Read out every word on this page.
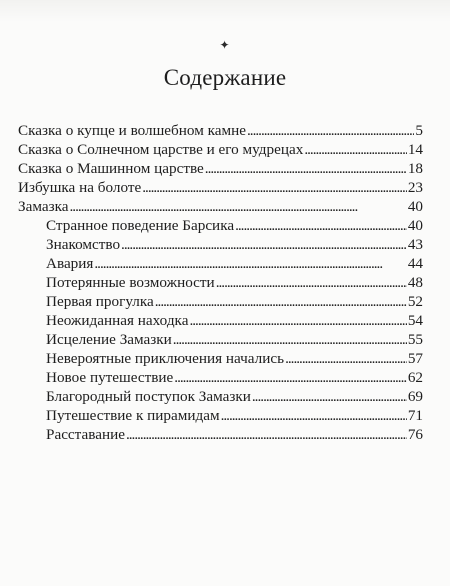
✦
Содержание
Сказка о купце и волшебном камне . . .	5
Сказка о Солнечном царстве и его мудрецах . . .	14
Сказка о Машинном царстве . . .	18
Избушка на болоте . . .	23
Замазка . . .	40
Странное поведение Барсика . . .	40
Знакомство . . .	43
Авария . . .	44
Потерянные возможности . . .	48
Первая прогулка . . .	52
Неожиданная находка . . .	54
Исцеление Замазки . . .	55
Невероятные приключения начались . . .	57
Новое путешествие . . .	62
Благородный поступок Замазки . . .	69
Путешествие к пирамидам . . .	71
Расставание . . .	76
